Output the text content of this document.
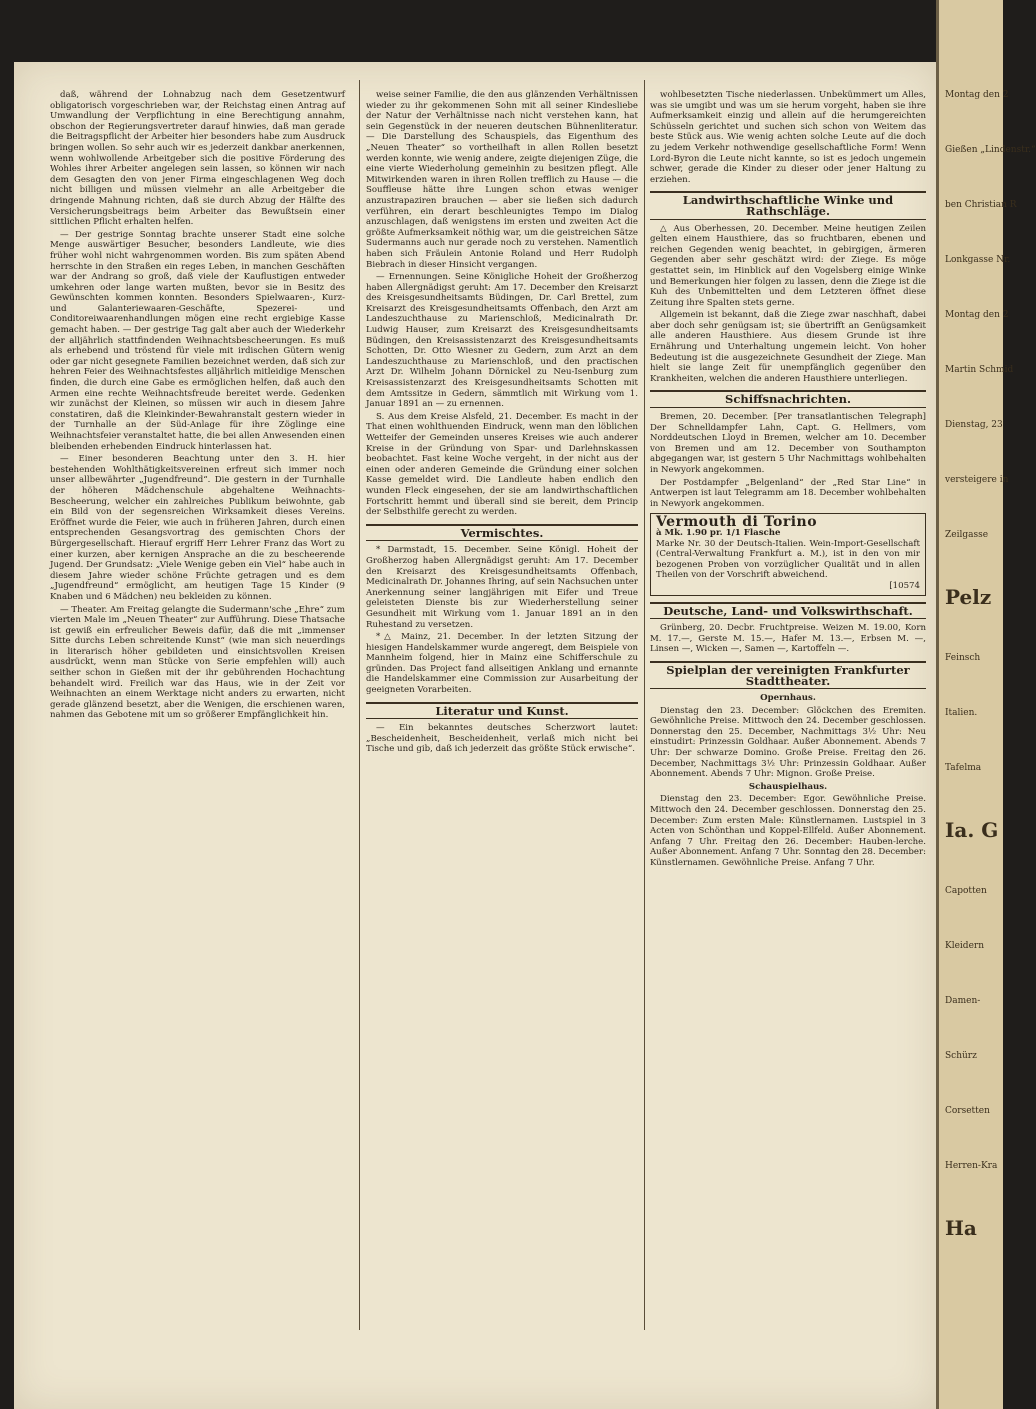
daß, während der Lohnabzug nach dem Gesetzentwurf obligatorisch vorgeschrieben war, der Reichstag einen Antrag auf Umwandlung der Verpflichtung in eine Berechtigung annahm, obschon der Regierungsvertreter darauf hinwies, daß man gerade die Beitragspflicht der Arbeiter hier besonders habe zum Ausdruck bringen wollen. So sehr auch wir es jederzeit dankbar anerkennen, wenn wohlwollende Arbeitgeber sich die positive Förderung des Wohles ihrer Arbeiter angelegen sein lassen, so können wir nach dem Gesagten den von jener Firma eingeschlagenen Weg doch nicht billigen und müssen vielmehr an alle Arbeitgeber die dringende Mahnung richten, daß sie durch Abzug der Hälfte des Versicherungsbeitrags beim Arbeiter das Bewußtsein einer sittlichen Pflicht erhalten helfen.

— Der gestrige Sonntag brachte unserer Stadt eine solche Menge auswärtiger Besucher, besonders Landleute, wie dies früher wohl nicht wahrgenommen worden. Bis zum späten Abend herrschte in den Straßen ein reges Leben, in manchen Geschäften war der Andrang so groß, daß viele der Kauflustigen entweder umkehren oder lange warten mußten, bevor sie in Besitz des Gewünschten kommen konnten. Besonders Spielwaaren-, Kurz- und Galanteriewaaren-Geschäfte, Spezerei- und Conditoreiwaarenhandlungen mögen eine recht ergiebige Kasse gemacht haben. — Der gestrige Tag galt aber auch der Wiederkehr der alljährlich stattfindenden Weihnachtsbescheerungen. Es muß als erhebend und tröstend für viele mit irdischen Gütern wenig oder gar nicht gesegnete Familien bezeichnet werden, daß sich zur hehren Feier des Weihnachtsfestes alljährlich mitleidige Menschen finden, die durch eine Gabe es ermöglichen helfen, daß auch den Armen eine rechte Weihnachtsfreude bereitet werde. Gedenken wir zunächst der Kleinen, so müssen wir auch in diesem Jahre constatiren, daß die Kleinkinder-Bewahranstalt gestern wieder in der Turnhalle an der Süd-Anlage für ihre Zöglinge eine Weihnachtsfeier veranstaltet hatte, die bei allen Anwesenden einen bleibenden erhebenden Eindruck hinterlassen hat.

— Einer besonderen Beachtung unter den 3. H. hier bestehenden Wohlthätigkeitsvereinen erfreut sich immer noch unser allbewährter „Jugendfreund“. Die gestern in der Turnhalle der höheren Mädchenschule abgehaltene Weihnachts-Bescheerung, welcher ein zahlreiches Publikum beiwohnte, gab ein Bild von der segensreichen Wirksamkeit dieses Vereins. Eröffnet wurde die Feier, wie auch in früheren Jahren, durch einen entsprechenden Gesangsvortrag des gemischten Chors der Bürgergesellschaft. Hierauf ergriff Herr Lehrer Franz das Wort zu einer kurzen, aber kernigen Ansprache an die zu bescheerende Jugend. Der Grundsatz: „Viele Wenige geben ein Viel“ habe auch in diesem Jahre wieder schöne Früchte getragen und es dem „Jugendfreund“ ermöglicht, am heutigen Tage 15 Kinder (9 Knaben und 6 Mädchen) neu bekleiden zu können.

— Theater. Am Freitag gelangte die Sudermann'sche „Ehre“ zum vierten Male im „Neuen Theater“ zur Aufführung. Diese Thatsache ist gewiß ein erfreulicher Beweis dafür, daß die mit „immenser Sitte durchs Leben schreitende Kunst“ (wie man sich neuerdings in literarisch höher gebildeten und einsichtsvollen Kreisen ausdrückt, wenn man Stücke von Serie empfehlen will) auch seither schon in Gießen mit der ihr gebührenden Hochachtung behandelt wird. Freilich war das Haus, wie in der Zeit vor Weihnachten an einem Werktage nicht anders zu erwarten, nicht gerade glänzend besetzt, aber die Wenigen, die erschienen waren, nahmen das Gebotene mit um so größerer Empfänglichkeit hin.

weise seiner Familie, die den aus glänzenden Verhältnissen wieder zu ihr gekommenen Sohn mit all seiner Kindesliebe der Natur der Verhältnisse nach nicht verstehen kann, hat sein Gegenstück in der neueren deutschen Bühnenliteratur. — Die Darstellung des Schauspiels, das Eigenthum des „Neuen Theater“ so vortheilhaft in allen Rollen besetzt werden konnte, wie wenig andere, zeigte diejenigen Züge, die eine vierte Wiederholung gemeinhin zu besitzen pflegt. Alle Mitwirkenden waren in ihren Rollen trefflich zu Hause — die Souffleuse hätte ihre Lungen schon etwas weniger anzustrapaziren brauchen — aber sie ließen sich dadurch verführen, ein derart beschleunigtes Tempo im Dialog anzuschlagen, daß wenigstens im ersten und zweiten Act die größte Aufmerksamkeit nöthig war, um die geistreichen Sätze Sudermanns auch nur gerade noch zu verstehen. Namentlich haben sich Fräulein Antonie Roland und Herr Rudolph Biebrach in dieser Hinsicht vergangen.

— Ernennungen. Seine Königliche Hoheit der Großherzog haben Allergnädigst geruht: Am 17. December den Kreisarzt des Kreisgesundheitsamts Büdingen, Dr. Carl Brettel, zum Kreisarzt des Kreisgesundheitsamts Offenbach, den Arzt am Landeszuchthause zu Marienschloß, Medicinalrath Dr. Ludwig Hauser, zum Kreisarzt des Kreisgesundheitsamts Büdingen, den Kreisassistenzarzt des Kreisgesundheitsamts Schotten, Dr. Otto Wiesner zu Gedern, zum Arzt an dem Landeszuchthause zu Marienschloß, und den practischen Arzt Dr. Wilhelm Johann Dörnickel zu Neu-Isenburg zum Kreisassistenzarzt des Kreisgesundheitsamts Schotten mit dem Amtssitze in Gedern, sämmtlich mit Wirkung vom 1. Januar 1891 an — zu ernennen.

S. Aus dem Kreise Alsfeld, 21. December. Es macht in der That einen wohlthuenden Eindruck, wenn man den löblichen Wetteifer der Gemeinden unseres Kreises wie auch anderer Kreise in der Gründung von Spar- und Darlehnskassen beobachtet. Fast keine Woche vergeht, in der nicht aus der einen oder anderen Gemeinde die Gründung einer solchen Kasse gemeldet wird. Die Landleute haben endlich den wunden Fleck eingesehen, der sie am landwirthschaftlichen Fortschritt hemmt und überall sind sie bereit, dem Princip der Selbsthilfe gerecht zu werden.

Vermischtes.

* Darmstadt, 15. December. Seine Königl. Hoheit der Großherzog haben Allergnädigst geruht: Am 17. December den Kreisarzt des Kreisgesundheitsamts Offenbach, Medicinalrath Dr. Johannes Ihring, auf sein Nachsuchen unter Anerkennung seiner langjährigen mit Eifer und Treue geleisteten Dienste bis zur Wiederherstellung seiner Gesundheit mit Wirkung vom 1. Januar 1891 an in den Ruhestand zu versetzen.

*△ Mainz, 21. December. In der letzten Sitzung der hiesigen Handelskammer wurde angeregt, dem Beispiele von Mannheim folgend, hier in Mainz eine Schifferschule zu gründen. Das Project fand allseitigen Anklang und ernannte die Handelskammer eine Commission zur Ausarbeitung der geeigneten Vorarbeiten.

Literatur und Kunst.

— Ein bekanntes deutsches Scherzwort lautet: „Bescheidenheit, Bescheidenheit, verlaß mich nicht bei Tische und gib, daß ich jederzeit das größte Stück erwische“.

wohlbesetzten Tische niederlassen. Unbekümmert um Alles, was sie umgibt und was um sie herum vorgeht, haben sie ihre Aufmerksamkeit einzig und allein auf die herumgereichten Schüsseln gerichtet und suchen sich schon von Weitem das beste Stück aus. Wie wenig achten solche Leute auf die doch zu jedem Verkehr nothwendige gesellschaftliche Form! Wenn Lord-Byron die Leute nicht kannte, so ist es jedoch ungemein schwer, gerade die Kinder zu dieser oder jener Haltung zu erziehen.

Landwirthschaftliche Winke und Rathschläge.

△ Aus Oberhessen, 20. December. Meine heutigen Zeilen gelten einem Hausthiere, das so fruchtbaren, ebenen und reichen Gegenden wenig beachtet, in gebirgigen, ärmeren Gegenden aber sehr geschätzt wird: der Ziege. Es möge gestattet sein, im Hinblick auf den Vogelsberg einige Winke und Bemerkungen hier folgen zu lassen, denn die Ziege ist die Kuh des Unbemittelten und dem Letzteren öffnet diese Zeitung ihre Spalten stets gerne.

Allgemein ist bekannt, daß die Ziege zwar naschhaft, dabei aber doch sehr genügsam ist; sie übertrifft an Genügsamkeit alle anderen Hausthiere. Aus diesem Grunde ist ihre Ernährung und Unterhaltung ungemein leicht. Von hoher Bedeutung ist die ausgezeichnete Gesundheit der Ziege. Man hielt sie lange Zeit für unempfänglich gegenüber den Krankheiten, welchen die anderen Hausthiere unterliegen.

Schiffsnachrichten.

Bremen, 20. December. [Per transatlantischen Telegraph] Der Schnelldampfer Lahn, Capt. G. Hellmers, vom Norddeutschen Lloyd in Bremen, welcher am 10. December von Bremen und am 12. December von Southampton abgegangen war, ist gestern 5 Uhr Nachmittags wohlbehalten in Newyork angekommen.

Der Postdampfer „Belgenland“ der „Red Star Line“ in Antwerpen ist laut Telegramm am 18. December wohlbehalten in Newyork angekommen.

Vermouth di Torino
à Mk. 1.90 pr. 1/1 Flasche
Marke Nr. 30 der Deutsch-Italien. Wein-Import-Gesellschaft (Central-Verwaltung Frankfurt a. M.), ist in den von mir bezogenen Proben von vorzüglicher Qualität und in allen Theilen von der Vorschrift abweichend.
[10574
Deutsche, Land- und Volkswirthschaft.

Grünberg, 20. Decbr. Fruchtpreise. Weizen M. 19.00, Korn M. 17.—, Gerste M. 15.—, Hafer M. 13.—, Erbsen M. —, Linsen —, Wicken —, Samen —, Kartoffeln —.

Spielplan der vereinigten Frankfurter Stadttheater.

Opernhaus.

Dienstag den 23. December: Glöckchen des Eremiten. Gewöhnliche Preise. Mittwoch den 24. December geschlossen. Donnerstag den 25. December, Nachmittags 3½ Uhr: Neu einstudirt: Prinzessin Goldhaar. Außer Abonnement. Abends 7 Uhr: Der schwarze Domino. Große Preise. Freitag den 26. December, Nachmittags 3½ Uhr: Prinzessin Goldhaar. Außer Abonnement. Abends 7 Uhr: Mignon. Große Preise.

Schauspielhaus.

Dienstag den 23. December: Egor. Gewöhnliche Preise. Mittwoch den 24. December geschlossen. Donnerstag den 25. December: Zum ersten Male: Künstlernamen. Lustspiel in 3 Acten von Schönthan und Koppel-Ellfeld. Außer Abonnement. Anfang 7 Uhr. Freitag den 26. December: Hauben-lerche. Außer Abonnement. Anfang 7 Uhr. Sonntag den 28. December: Künstlernamen. Gewöhnliche Preise. Anfang 7 Uhr.

Montag den 2

Gießen „Lindenstr.“

ben Christian R

Lonkgasse Nr.

Montag den 2

Martin Schmid

Dienstag, 23

versteigere in

Zeilgasse

Pelz

Feinsch

Italien.

Tafelma

Ia. G

Capotten

Kleidern

Damen-

Schürz

Corsetten

Herren-Kra

Ha
